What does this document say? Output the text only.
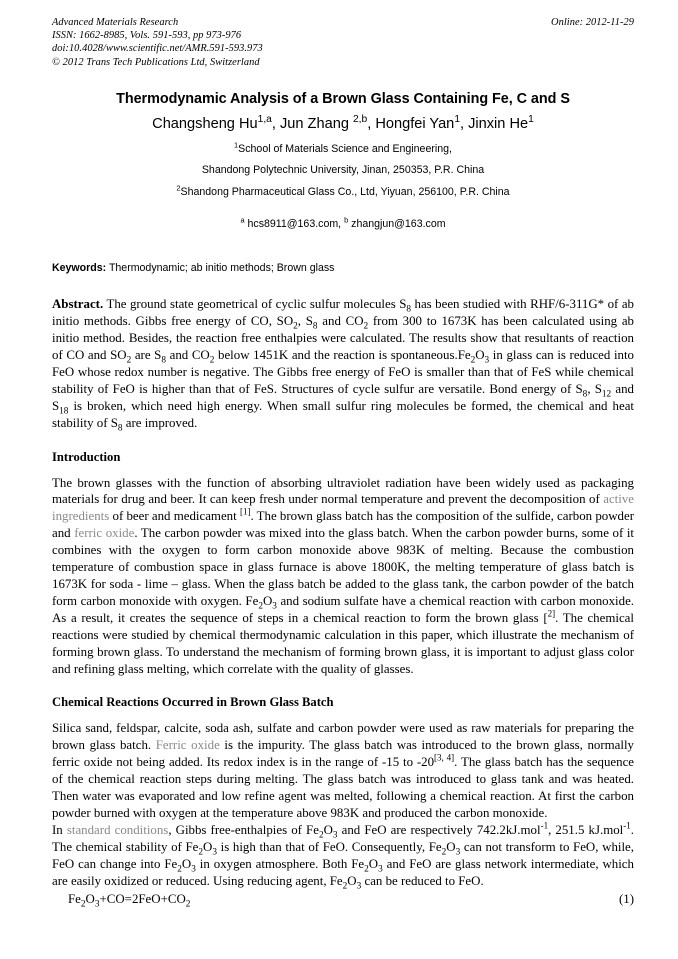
Online: 2012-11-29
Advanced Materials Research
ISSN: 1662-8985, Vols. 591-593, pp 973-976
doi:10.4028/www.scientific.net/AMR.591-593.973
© 2012 Trans Tech Publications Ltd, Switzerland
Thermodynamic Analysis of a Brown Glass Containing Fe, C and S
Changsheng Hu$^{1,a}$, Jun Zhang $^{2,b}$, Hongfei Yan$^1$, Jinxin He$^1$
$^1$School of Materials Science and Engineering,
Shandong Polytechnic University, Jinan, 250353, P.R. China
$^2$Shandong Pharmaceutical Glass Co., Ltd, Yiyuan, 256100, P.R. China
$^a$ hcs8911@163.com, $^b$ zhangjun@163.com
Keywords: Thermodynamic; ab initio methods; Brown glass
Abstract. The ground state geometrical of cyclic sulfur molecules $S_8$ has been studied with RHF/6-311G* of ab initio methods. Gibbs free energy of CO, $SO_2$, $S_8$ and $CO_2$ from 300 to 1673K has been calculated using ab initio method. Besides, the reaction free enthalpies were calculated. The results show that resultants of reaction of CO and $SO_2$ are $S_8$ and $CO_2$ below 1451K and the reaction is $spontaneous.Fe_2O_3$ in glass can is reduced into FeO whose redox number is negative. The Gibbs free energy of FeO is smaller than that of FeS while chemical stability of FeO is higher than that of FeS. Structures of cycle sulfur are versatile. Bond energy of $S_8$, $S_{12}$ and $S_{18}$ is broken, which need high energy. When small sulfur ring molecules be formed, the chemical and heat stability of $S_8$ are improved.
Introduction
The brown glasses with the function of absorbing ultraviolet radiation have been widely used as packaging materials for drug and beer. It can keep fresh under normal temperature and prevent the decomposition of active ingredients of beer and medicament [1]. The brown glass batch has the composition of the sulfide, carbon powder and ferric oxide. The carbon powder was mixed into the glass batch. When the carbon powder burns, some of it combines with the oxygen to form carbon monoxide above 983K of melting. Because the combustion temperature of combustion space in glass furnace is above 1800K, the melting temperature of glass batch is 1673K for soda - lime – glass. When the glass batch be added to the glass tank, the carbon powder of the batch form carbon monoxide with oxygen. $Fe_2O_3$ and sodium sulfate have a chemical reaction with carbon monoxide. As a result, it creates the sequence of steps in a chemical reaction to form the brown glass [$^{2]}$. The chemical reactions were studied by chemical thermodynamic calculation in this paper, which illustrate the mechanism of forming brown glass. To understand the mechanism of forming brown glass, it is important to adjust glass color and refining glass melting, which correlate with the quality of glasses.
Chemical Reactions Occurred in Brown Glass Batch
Silica sand, feldspar, calcite, soda ash, sulfate and carbon powder were used as raw materials for preparing the brown glass batch. Ferric oxide is the impurity. The glass batch was introduced to the brown glass, normally ferric oxide not being added. Its redox index is in the range of -15 to -20[3, 4]. The glass batch has the sequence of the chemical reaction steps during melting. The glass batch was introduced to glass tank and was heated. Then water was evaporated and low refine agent was melted, following a chemical reaction. At first the carbon powder burned with oxygen at the temperature above 983K and produced the carbon monoxide.
In standard conditions, Gibbs free-enthalpies of $Fe_2O_3$ and FeO are respectively 742.2kJ.mol$^{-1}$, 251.5 kJ.mol$^{-1}$. The chemical stability of $Fe_2O_3$ is high than that of FeO. Consequently, $Fe_2O_3$ can not transform to FeO, while, FeO can change into $Fe_2O_3$ in oxygen atmosphere. Both $Fe_2O_3$ and FeO are glass network intermediate, which are easily oxidized or reduced. Using reducing agent, $Fe_2O_3$ can be reduced to FeO.
$Fe_2O_3+CO=2FeO+CO_2$	(1)
